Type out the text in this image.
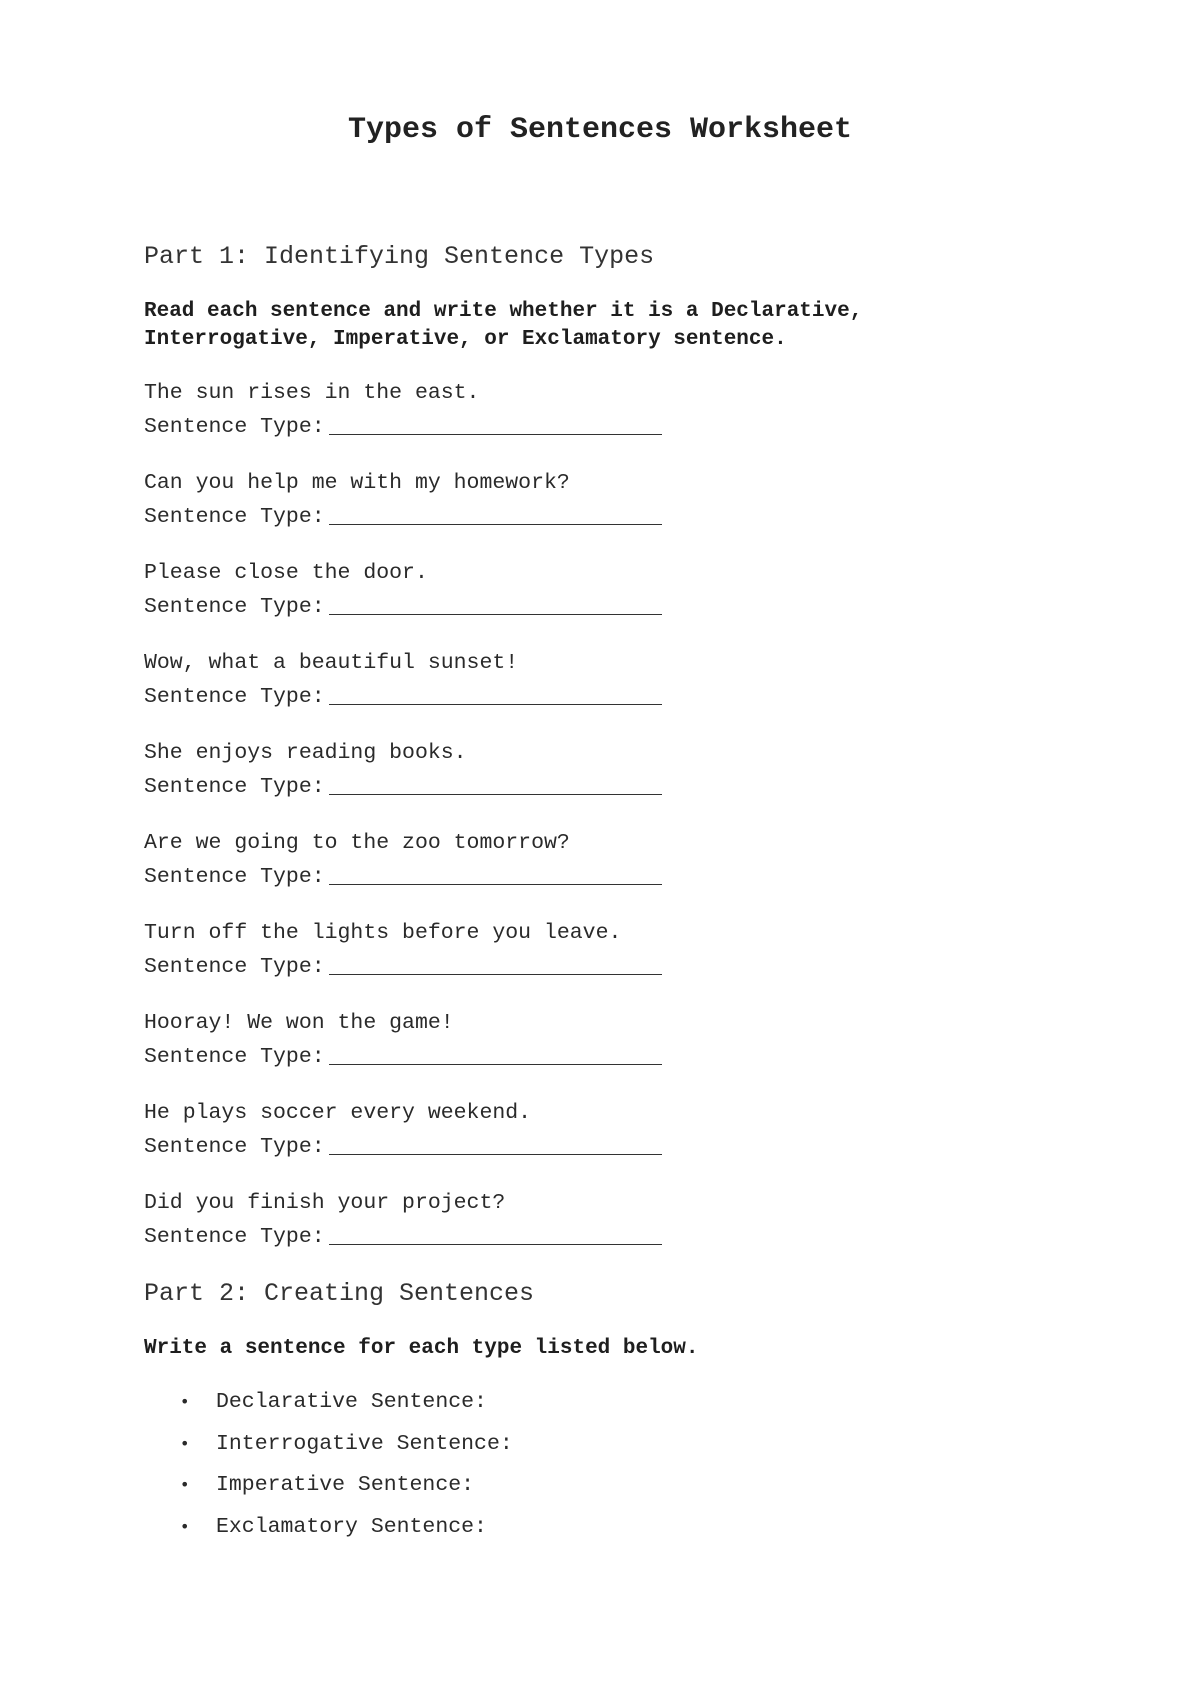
Types of Sentences Worksheet
Part 1: Identifying Sentence Types
Read each sentence and write whether it is a Declarative, Interrogative, Imperative, or Exclamatory sentence.
The sun rises in the east.
Sentence Type:
Can you help me with my homework?
Sentence Type:
Please close the door.
Sentence Type:
Wow, what a beautiful sunset!
Sentence Type:
She enjoys reading books.
Sentence Type:
Are we going to the zoo tomorrow?
Sentence Type:
Turn off the lights before you leave.
Sentence Type:
Hooray! We won the game!
Sentence Type:
He plays soccer every weekend.
Sentence Type:
Did you finish your project?
Sentence Type:
Part 2: Creating Sentences
Write a sentence for each type listed below.
• Declarative Sentence:
• Interrogative Sentence:
• Imperative Sentence:
• Exclamatory Sentence:
